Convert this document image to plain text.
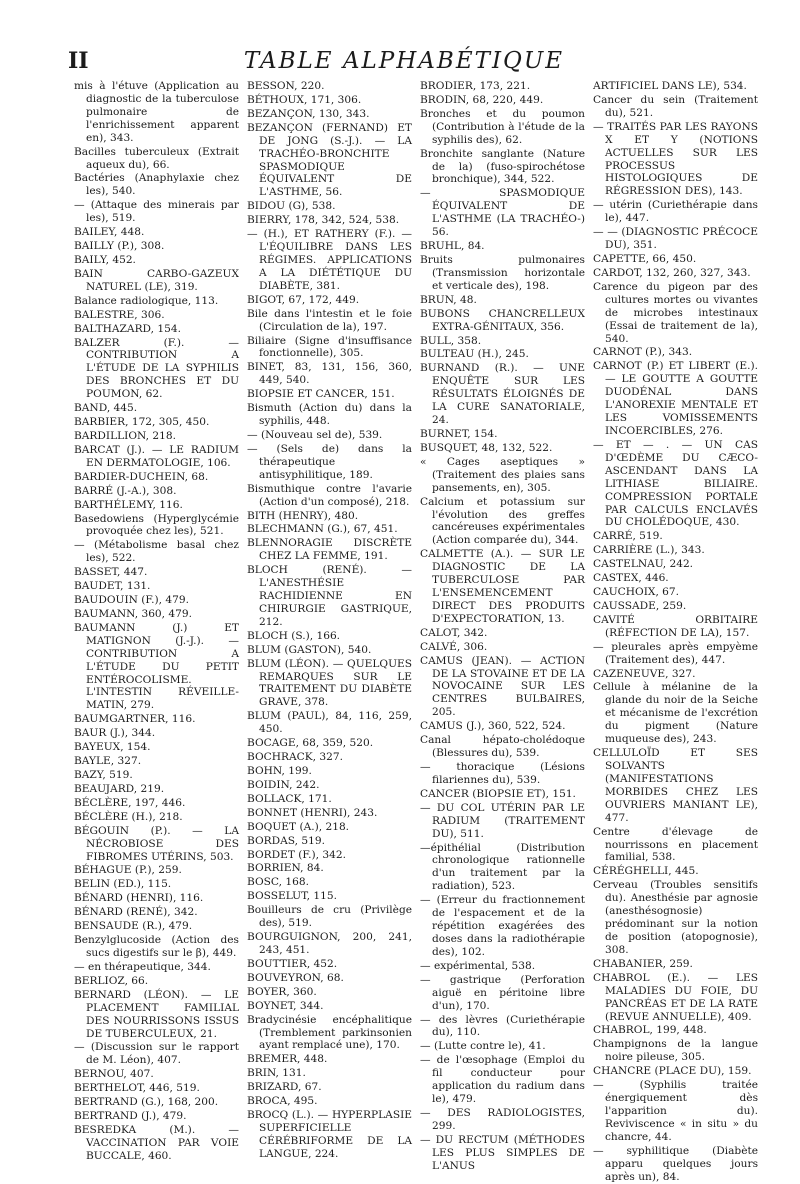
II	TABLE ALPHABÉTIQUE
mis à l'étuve (Application au diagnostic de la tuberculose pulmonaire de l'enrichissement apparent en), 343.
Bacilles tuberculeux (Extrait aqueux du), 66.
Bactéries (Anaphylaxie chez les), 540.
— (Attaque des minerais par les), 519.
BAILEY, 448.
BAILLY (P.), 308.
BAILY, 452.
BAIN CARBO-GAZEUX NATUREL (LE), 319.
Balance radiologique, 113.
BALESTRE, 306.
BALTHAZARD, 154.
BALZER (F.). — CONTRIBUTION A L'ÉTUDE DE LA SYPHILIS DES BRONCHES ET DU POUMON, 62.
BAND, 445.
BARBIER, 172, 305, 450.
BARDILLION, 218.
BARCAT (J.). — LE RADIUM EN DERMATOLOGIE, 106.
BARDIER-DUCHEIN, 68.
BARRÉ (J.-A.), 308.
BARTHÉLEMY, 116.
Basedowiens (Hyperglycémie provoquée chez les), 521.
— (Métabolisme basal chez les), 522.
BASSET, 447.
BAUDET, 131.
BAUDOUIN (F.), 479.
BAUMANN, 360, 479.
BAUMANN (J.) ET MATIGNON (J.-J.). — CONTRIBUTION A L'ÉTUDE DU PETIT ENTÉROCOLISME. L'INTESTIN RÉVEILLE-MATIN, 279.
BAUMGARTNER, 116.
BAUR (J.), 344.
BAYEUX, 154.
BAYLE, 327.
BAZY, 519.
BEAUJARD, 219.
BÉCLÈRE, 197, 446.
BÉCLÈRE (H.), 218.
BÉGOUIN (P.). — LA NÉCROBIOSE DES FIBROMES UTÉRINS, 503.
BÉHAGUE (P.), 259.
BELIN (ED.), 115.
BÉNARD (HENRI), 116.
BÉNARD (RENÉ), 342.
BENSAUDE (R.), 479.
Benzylglucoside (Action des sucs digestifs sur le β), 449.
— en thérapeutique, 344.
BERLIOZ, 66.
BERNARD (LÉON). — LE PLACEMENT FAMILIAL DES NOURRISSONS ISSUS DE TUBERCULEUX, 21.
— (Discussion sur le rapport de M. Léon), 407.
BERNOU, 407.
BERTHELOT, 446, 519.
BERTRAND (G.), 168, 200.
BERTRAND (J.), 479.
BESREDKA (M.). — VACCINATION PAR VOIE BUCCALE, 460.
BESSON, 220.
BÉTHOUX, 171, 306.
BEZANÇON, 130, 343.
BEZANÇON (FERNAND) ET DE JONG (S.-J.). — LA TRACHÉO-BRONCHITE SPASMODIQUE ÉQUIVALENT DE L'ASTHME, 56.
BIDOU (G), 538.
BIERRY, 178, 342, 524, 538.
— (H.), ET RATHERY (F.). — L'ÉQUILIBRE DANS LES RÉGIMES. APPLICATIONS A LA DIÉTÉTIQUE DU DIABÈTE, 381.
BIGOT, 67, 172, 449.
Bile dans l'intestin et le foie (Circulation de la), 197.
Biliaire (Signe d'insuffisance fonctionnelle), 305.
BINET, 83, 131, 156, 360, 449, 540.
BIOPSIE ET CANCER, 151.
Bismuth (Action du) dans la syphilis, 448.
— (Nouveau sel de), 539.
— (Sels de) dans la thérapeutique antisyphilitique, 189.
Bismuthique contre l'avarie (Action d'un composé), 218.
BITH (HENRY), 480.
BLECHMANN (G.), 67, 451.
BLENNORAGIE DISCRÈTE CHEZ LA FEMME, 191.
BLOCH (RENÉ). — L'ANESTHÉSIE RACHIDIENNE EN CHIRURGIE GASTRIQUE, 212.
BLOCH (S.), 166.
BLUM (GASTON), 540.
BLUM (LÉON). — QUELQUES REMARQUES SUR LE TRAITEMENT DU DIABÈTE GRAVE, 378.
BLUM (PAUL), 84, 116, 259, 450.
BOCAGE, 68, 359, 520.
BOCHRACK, 327.
BOHN, 199.
BOIDIN, 242.
BOLLACK, 171.
BONNET (HENRI), 243.
BOQUET (A.), 218.
BORDAS, 519.
BORDET (F.), 342.
BORRIEN, 84.
BOSC, 168.
BOSSELUT, 115.
Bouilleurs de cru (Privilège des), 519.
BOURGUIGNON, 200, 241, 243, 451.
BOUTTIER, 452.
BOUVEYRON, 68.
BOYER, 360.
BOYNET, 344.
Bradycinésie encéphalitique (Tremblement parkinsonien ayant remplacé une), 170.
BREMER, 448.
BRIN, 131.
BRIZARD, 67.
BROCA, 495.
BROCQ (L.). — HYPERPLASIE SUPERFICIELLE CÉRÉBRIFORME DE LA LANGUE, 224.
BRODIER, 173, 221.
BRODIN, 68, 220, 449.
Bronches et du poumon (Contribution à l'étude de la syphilis des), 62.
Bronchite sanglante (Nature de la) (fuso-spirochétose bronchique), 344, 522.
— SPASMODIQUE ÉQUIVALENT DE L'ASTHME (LA TRACHÉO-) 56.
BRUHL, 84.
Bruits pulmonaires (Transmission horizontale et verticale des), 198.
BRUN, 48.
BUBONS CHANCRELLEUX EXTRA-GÉNITAUX, 356.
BULL, 358.
BULTEAU (H.), 245.
BURNAND (R.). — UNE ENQUÊTE SUR LES RÉSULTATS ÉLOIGNÉS DE LA CURE SANATORIALE, 24.
BURNET, 154.
BUSQUET, 48, 132, 522.
« Cages aseptiques » (Traitement des plaies sans pansements, en), 305.
Calcium et potassium sur l'évolution des greffes cancéreuses expérimentales (Action comparée du), 344.
CALMETTE (A.). — SUR LE DIAGNOSTIC DE LA TUBERCULOSE PAR L'ENSEMENCEMENT DIRECT DES PRODUITS D'EXPECTORATION, 13.
CALOT, 342.
CALVÉ, 306.
CAMUS (JEAN). — ACTION DE LA STOVAINE ET DE LA NOVOCAINE SUR LES CENTRES BULBAIRES, 205.
CAMUS (J.), 360, 522, 524.
Canal hépato-cholédoque (Blessures du), 539.
— thoracique (Lésions filariennes du), 539.
CANCER (BIOPSIE ET), 151.
— DU COL UTÉRIN PAR LE RADIUM (TRAITEMENT DU), 511.
—épithélial (Distribution chronologique rationnelle d'un traitement par la radiation), 523.
— (Erreur du fractionnement de l'espacement et de la répétition exagérées des doses dans la radiothérapie des), 102.
— expérimental, 538.
— gastrique (Perforation aiguë en péritoine libre d'un), 170.
— des lèvres (Curiethérapie du), 110.
— (Lutte contre le), 41.
— de l'œsophage (Emploi du fil conducteur pour application du radium dans le), 479.
— DES RADIOLOGISTES, 299.
— DU RECTUM (MÉTHODES LES PLUS SIMPLES DE L'ANUS
ARTIFICIEL DANS LE), 534.
Cancer du sein (Traitement du), 521.
— TRAITÉS PAR LES RAYONS X ET Y (NOTIONS ACTUELLES SUR LES PROCESSUS HISTOLOGIQUES DE RÉGRESSION DES), 143.
— utérin (Curiethérapie dans le), 447.
— — (DIAGNOSTIC PRÉCOCE DU), 351.
CAPETTE, 66, 450.
CARDOT, 132, 260, 327, 343.
Carence du pigeon par des cultures mortes ou vivantes de microbes intestinaux (Essai de traitement de la), 540.
CARNOT (P.), 343.
CARNOT (P.) ET LIBERT (E.). — LE GOUTTE A GOUTTE DUODÉNAL DANS L'ANOREXIE MENTALE ET LES VOMISSEMENTS INCOERCIBLES, 276.
— ET — . — UN CAS D'ŒDÈME DU CÆCO-ASCENDANT DANS LA LITHIASE BILIAIRE. COMPRESSION PORTALE PAR CALCULS ENCLAVÉS DU CHOLÉDOQUE, 430.
CARRÉ, 519.
CARRIÈRE (L.), 343.
CASTELNAU, 242.
CASTEX, 446.
CAUCHOIX, 67.
CAUSSADE, 259.
CAVITÉ ORBITAIRE (RÉFECTION DE LA), 157.
— pleurales après empyème (Traitement des), 447.
CAZENEUVE, 327.
Cellule à mélanine de la glande du noir de la Seiche et mécanisme de l'excrétion du pigment (Nature muqueuse des), 243.
CELLULOÏD ET SES SOLVANTS (MANIFESTATIONS MORBIDES CHEZ LES OUVRIERS MANIANT LE), 477.
Centre d'élevage de nourrissons en placement familial, 538.
CÉRÉGHELLI, 445.
Cerveau (Troubles sensitifs du). Anesthésie par agnosie (anesthésognosie) prédominant sur la notion de position (atopognosie), 308.
CHABANIER, 259.
CHABROL (E.). — LES MALADIES DU FOIE, DU PANCRÉAS ET DE LA RATE (REVUE ANNUELLE), 409.
CHABROL, 199, 448.
Champignons de la langue noire pileuse, 305.
CHANCRE (PLACE DU), 159.
— (Syphilis traitée énergiquement dès l'apparition du). Reviviscence « in situ » du chancre, 44.
— syphilitique (Diabète apparu quelques jours après un), 84.
